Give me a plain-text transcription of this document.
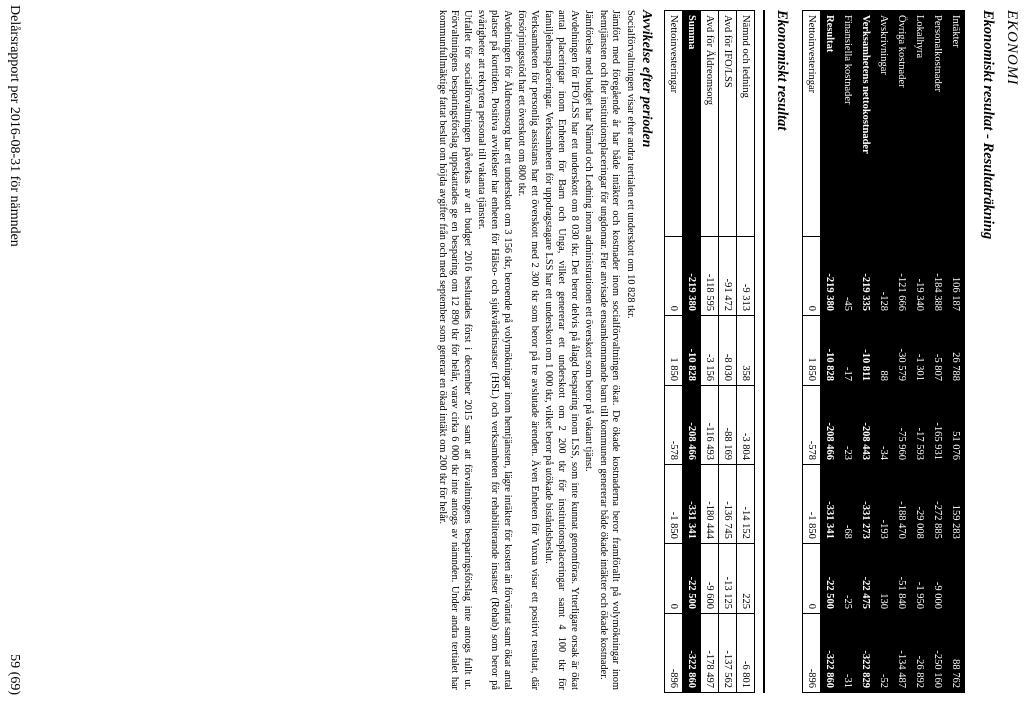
EKONOMI
Ekonomiskt resultat - Resultaträkning
Intäkter	106 187	26 788	51 076	159 283		88 762
Personalkostnader	-184 388	-5 807	-165 931	-272 885	-9 000	-250 160
Lokalhyra	-19 340	-1 301	-17 593	-29 008	-1 950	-26 892
Övriga kostnader	-121 666	-30 579	-75 960	-188 470	-51 840	-134 487
Avskrivningar	-128	88	-34	-193	130	-52
Verksamhetens nettokostnader	-219 335	-10 811	-208 443	-331 273	-22 475	-322 829
Finansiella kostnader	-45	-17	-23	-68	-25	-31
Resultat	-219 380	-10 828	-208 466	-331 341	-22 500	-322 860
Nettoinvesteringar	0	1 850	-578	-1 850	0	-896
Ekonomiskt resultat
Nämnd och ledning	-9 313	358	-3 804	-14 152	225	-6 801
Avd för IFO/LSS	-91 472	-8 030	-88 169	-136 745	-13 125	-137 562
Avd för Äldreomsorg	-118 595	-3 156	-116 493	-180 444	-9 600	-178 497
Summa	-219 380	-10 828	-208 466	-331 341	-22 500	-322 860
Nettoinvesteringar	0	1 850	-578	-1 850	0	-896
Avvikelse efter perioden

Socialförvaltningen visar efter andra tertialen ett underskott om 10 828 tkr.

Jämfört med föregående år har både intäkter och kostnader inom socialförvaltningen ökat. De ökade kostnaderna beror framförallt på volymökningar inom hemtjänsten och fler institutionsplaceringar för ungdomar. Fler anvisade ensamkommande barn till kommunen genererar både ökade intäkter och ökade kostnader.

Jämförelse med budget har Nämnd och Ledning inom administrationen ett överskott som beror på vakant tjänst.

Avdelningen för IFO/LSS har ett underskott om 8 030 tkr. Det beror delvis på ålagd besparing inom LSS, som inte kunnat genomföras. Ytterligare orsak är ökat antal placeringar inom Enheten för Barn och Unga, vilket genererar ett underskott om 2 200 tkr för institutionsplaceringar samt 4 100 tkr för familjehemsplaceringar. Verksamheten för uppdragstagare LSS har ett underskott om 1 000 tkr, vilket beror på utökade biståndsbeslut.

Verksamheten för personlig assistans har ett överskott med 2 300 tkr som beror på tre avslutade ärenden. Även Enheten för Vuxna visar ett positivt resultat, där försörjningsstöd har ett överskott om 800 tkr.

Avdelningen för Äldreomsorg har ett underskott om 3 156 tkr, beroende på volymökningar inom hemtjänsten, lägre intäkter för kosten än förväntat samt ökat antal platser på korttiden. Positiva avvikelser har enheten för Hälso- och sjukvårdsinsatser (HSL) och verksamheten för rehabiliterande insatser (Rehab) som beror på svårigheter att rekrytera personal till vakanta tjänster.

Utfallet för socialförvaltningen påverkas av att budget 2016 beslutades först i december 2015 samt att förvaltningens besparingsförslag inte antogs fullt ut. Förvaltningens besparingsförslag uppskattades ge en besparing om 12 890 tkr för helår, varav cirka 6 000 tkr inte antogs av nämnden. Under andra tertialet har kommunfullmäktige fattat beslut om höjda avgifter från och med september som generar en ökad intäkt om 200 tkr för helår.

Delårsrapport per 2016-08-31 för nämnden
59 (69)
